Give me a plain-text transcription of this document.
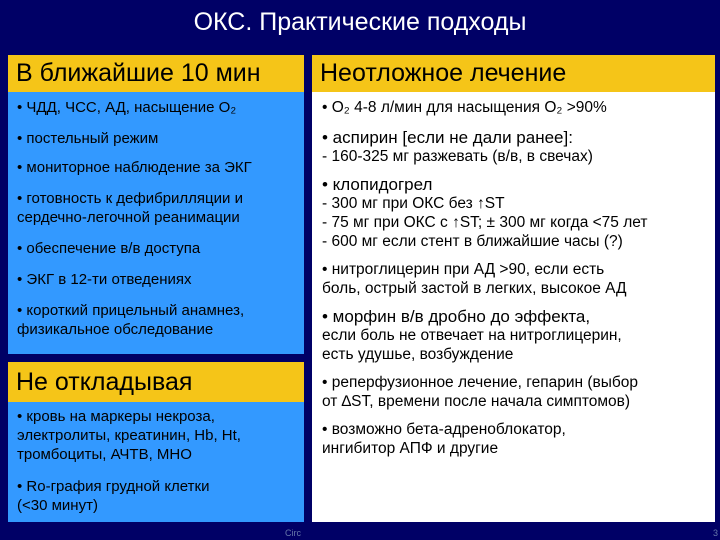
ОКС. Практические подходы
В ближайшие 10 мин	Неотложное лечение
• ЧДД, ЧСС, АД, насыщение O₂
• постельный режим
• мониторное наблюдение за ЭКГ
• готовность к дефибрилляции и
сердечно-легочной реанимации
• обеспечение в/в доступа
• ЭКГ в 12-ти отведениях
• короткий прицельный анамнез,
физикальное обследование
Не откладывая
• кровь на маркеры некроза,
электролиты, креатинин, Hb, Ht,
тромбоциты, АЧТВ, МНО
• Ro-графия грудной клетки
(<30 минут)
• O₂ 4-8 л/мин для насыщения O₂ >90%
• аспирин [если не дали ранее]:
- 160-325 мг разжевать (в/в, в свечах)
• клопидогрел
- 300 мг при ОКС без ↑ST
- 75 мг при ОКС с ↑ST; ± 300 мг когда <75 лет
- 600 мг если стент в ближайшие часы (?)
• нитроглицерин при АД >90, если есть
боль, острый застой в легких, высокое АД
• морфин в/в дробно до эффекта,
если боль не отвечает на нитроглицерин,
есть удушье, возбуждение
• реперфузионное лечение, гепарин (выбор
от ∆ST, времени после начала симптомов)
• возможно бета-адреноблокатор,
ингибитор АПФ и другие
Circ	3
